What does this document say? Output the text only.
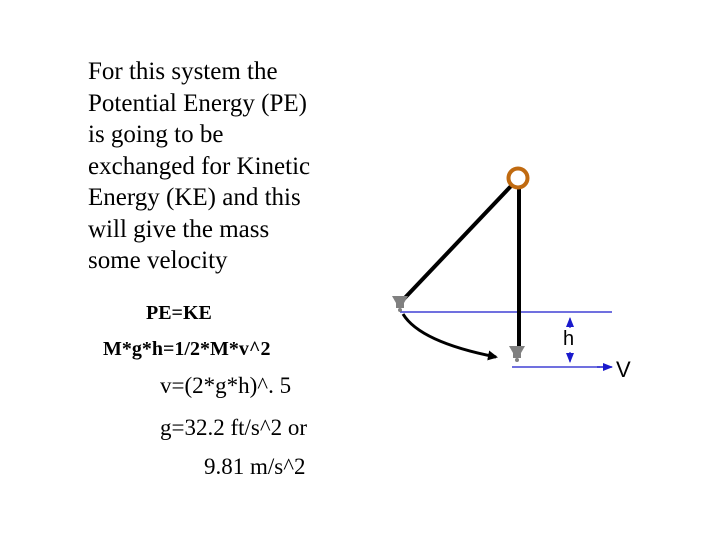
For this system the
Potential Energy (PE)
is going to be
exchanged for Kinetic
Energy (KE) and this
will give the mass
some velocity
PE=KE
M*g*h=1/2*M*v^2
v=(2*g*h)^. 5
g=32.2 ft/s^2 or
9.81 m/s^2
h
V
